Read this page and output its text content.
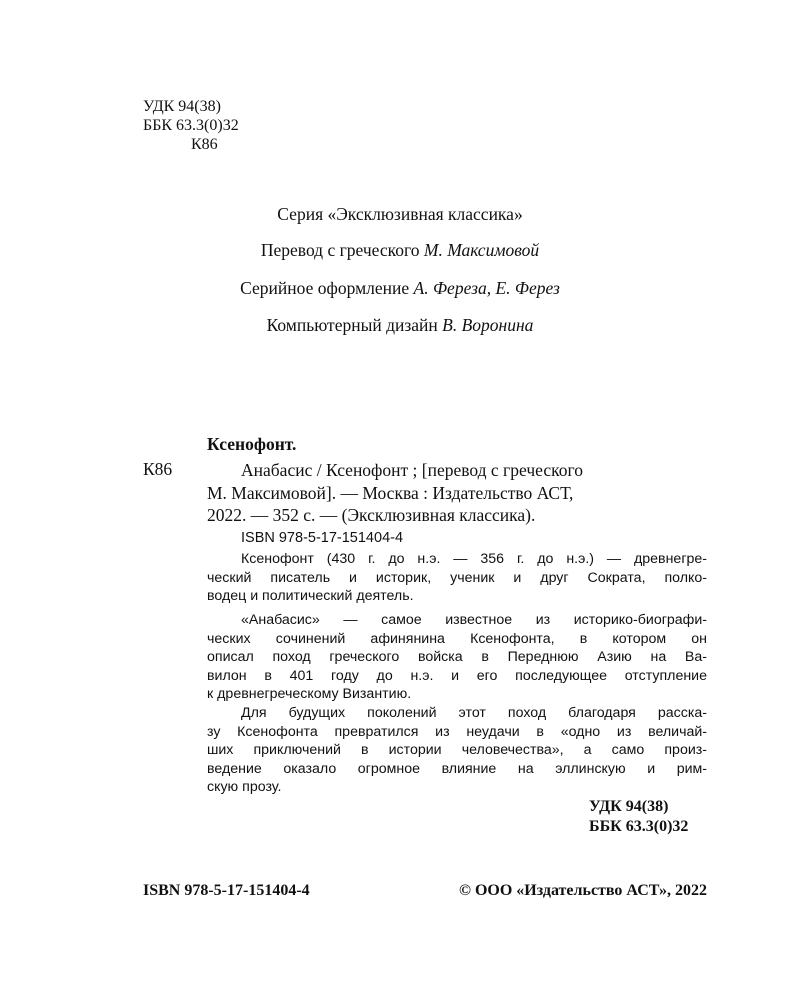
УДК 94(38)
ББК 63.3(0)32
К86
Серия «Эксклюзивная классика»
Перевод с греческого М. Максимовой
Серийное оформление А. Фереза, Е. Ферез
Компьютерный дизайн В. Воронина
Ксенофонт.
К86	Анабасис / Ксенофонт ; [перевод с греческого
М. Максимовой]. — Москва : Издательство АСТ,
2022. — 352 с. — (Эксклюзивная классика).
ISBN 978-5-17-151404-4
Ксенофонт (430 г. до н.э. — 356 г. до н.э.) — древнегре-
ческий писатель и историк, ученик и друг Сократа, полко-
водец и политический деятель.
«Анабасис» — самое известное из историко-биографи-
ческих сочинений афинянина Ксенофонта, в котором он
описал поход греческого войска в Переднюю Азию на Ва-
вилон в 401 году до н.э. и его последующее отступление
к древнегреческому Византию.
Для будущих поколений этот поход благодаря расска-
зу Ксенофонта превратился из неудачи в «одно из величай-
ших приключений в истории человечества», а само произ-
ведение оказало огромное влияние на эллинскую и рим-
скую прозу.
УДК 94(38)
ББК 63.3(0)32
ISBN 978-5-17-151404-4	© ООО «Издательство АСТ», 2022
